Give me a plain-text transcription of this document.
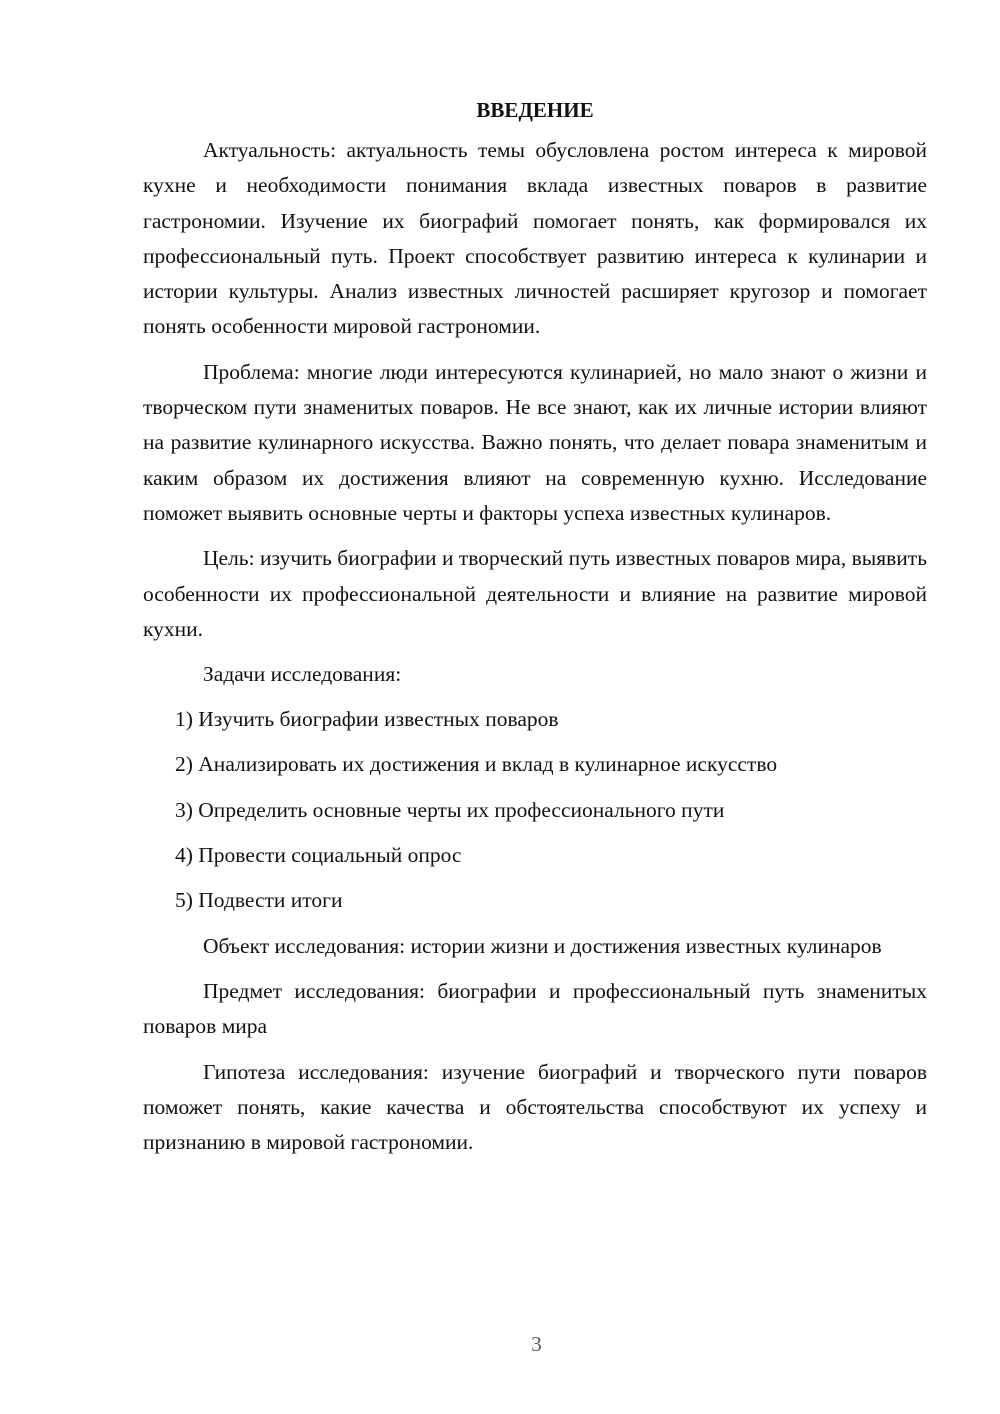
ВВЕДЕНИЕ

Актуальность: актуальность темы обусловлена ростом интереса к мировой кухне и необходимости понимания вклада известных поваров в развитие гастрономии. Изучение их биографий помогает понять, как формировался их профессиональный путь. Проект способствует развитию интереса к кулинарии и истории культуры. Анализ известных личностей расширяет кругозор и помогает понять особенности мировой гастрономии.

Проблема: многие люди интересуются кулинарией, но мало знают о жизни и творческом пути знаменитых поваров. Не все знают, как их личные истории влияют на развитие кулинарного искусства. Важно понять, что делает повара знаменитым и каким образом их достижения влияют на современную кухню. Исследование поможет выявить основные черты и факторы успеха известных кулинаров.

Цель: изучить биографии и творческий путь известных поваров мира, выявить особенности их профессиональной деятельности и влияние на развитие мировой кухни.

Задачи исследования:

1) Изучить биографии известных поваров
2) Анализировать их достижения и вклад в кулинарное искусство
3) Определить основные черты их профессионального пути
4) Провести социальный опрос
5) Подвести итоги

Объект исследования: истории жизни и достижения известных кулинаров

Предмет исследования: биографии и профессиональный путь знаменитых поваров мира

Гипотеза исследования: изучение биографий и творческого пути поваров поможет понять, какие качества и обстоятельства способствуют их успеху и признанию в мировой гастрономии.

3
